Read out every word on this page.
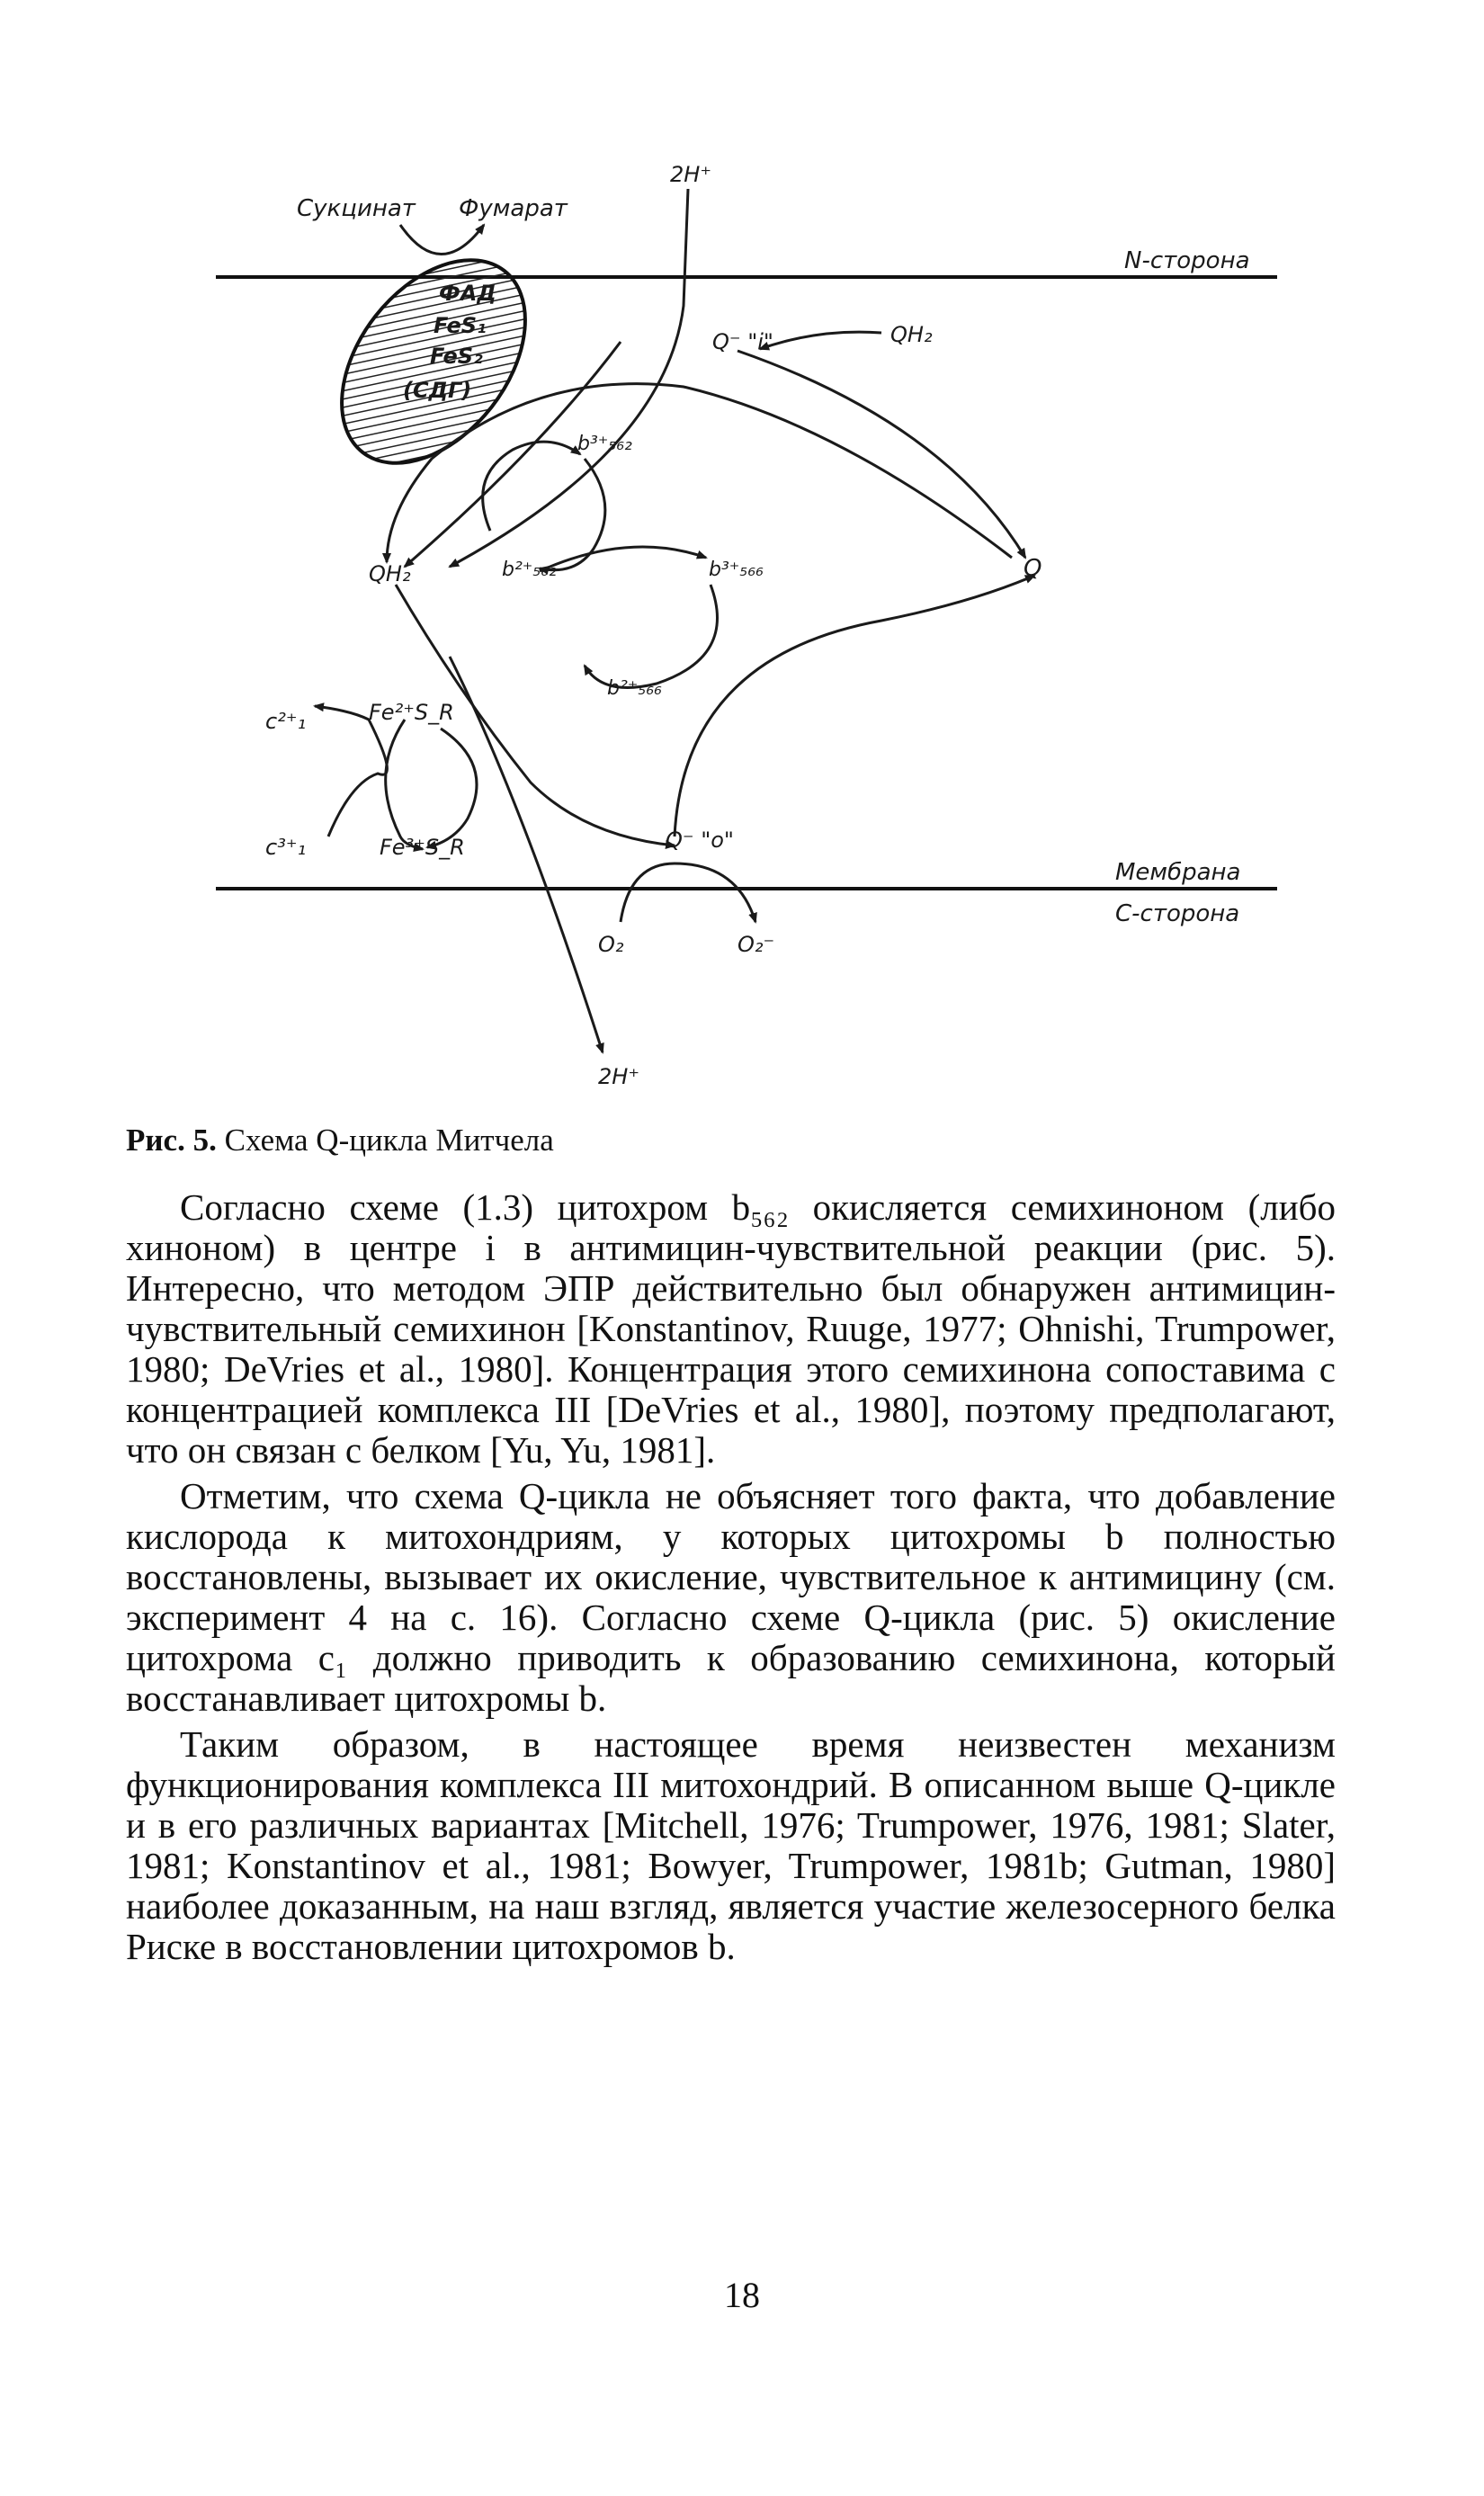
Сукцинат Фумарат
2H⁺
N-сторона
ФАД
FeS₁
FeS₂
(СДГ)
Q⁻ "i"	QH₂
b³⁺₅₆₂
b²⁺₅₆₂	b³⁺₅₆₆
b²⁺₅₆₆
QH₂	Q
c²⁺₁
c³⁺₁
Fe²⁺S_R
Fe³⁺S_R	Q⁻ "o"
Мембрана
C-сторона
O₂	O₂⁻
2H⁺
Рис. 5. Схема Q-цикла Митчела

Согласно схеме (1.3) цитохром b₅₆₂ окисляется семихиноном (либо хиноном) в центре i в антимицин-чувствительной реакции (рис. 5). Интересно, что методом ЭПР действительно был обнаружен антимицин-чувствительный семихинон [Konstantinov, Ruuge, 1977; Ohnishi, Trumpower, 1980; DeVries et al., 1980]. Концентрация этого семихинона сопоставима с концентрацией комплекса III [DeVries et al., 1980], поэтому предполагают, что он связан с белком [Yu, Yu, 1981].

Отметим, что схема Q-цикла не объясняет того факта, что добавление кислорода к митохондриям, у которых цитохромы b полностью восстановлены, вызывает их окисление, чувствительное к антимицину (см. эксперимент 4 на с. 16). Согласно схеме Q-цикла (рис. 5) окисление цитохрома c₁ должно приводить к образованию семихинона, который восстанавливает цитохромы b.

Таким образом, в настоящее время неизвестен механизм функционирования комплекса III митохондрий. В описанном выше Q-цикле и в его различных вариантах [Mitchell, 1976; Trumpower, 1976, 1981; Slater, 1981; Konstantinov et al., 1981; Bowyer, Trumpower, 1981b; Gutman, 1980] наиболее доказанным, на наш взгляд, является участие железосерного белка Риске в восстановлении цитохромов b.

18
